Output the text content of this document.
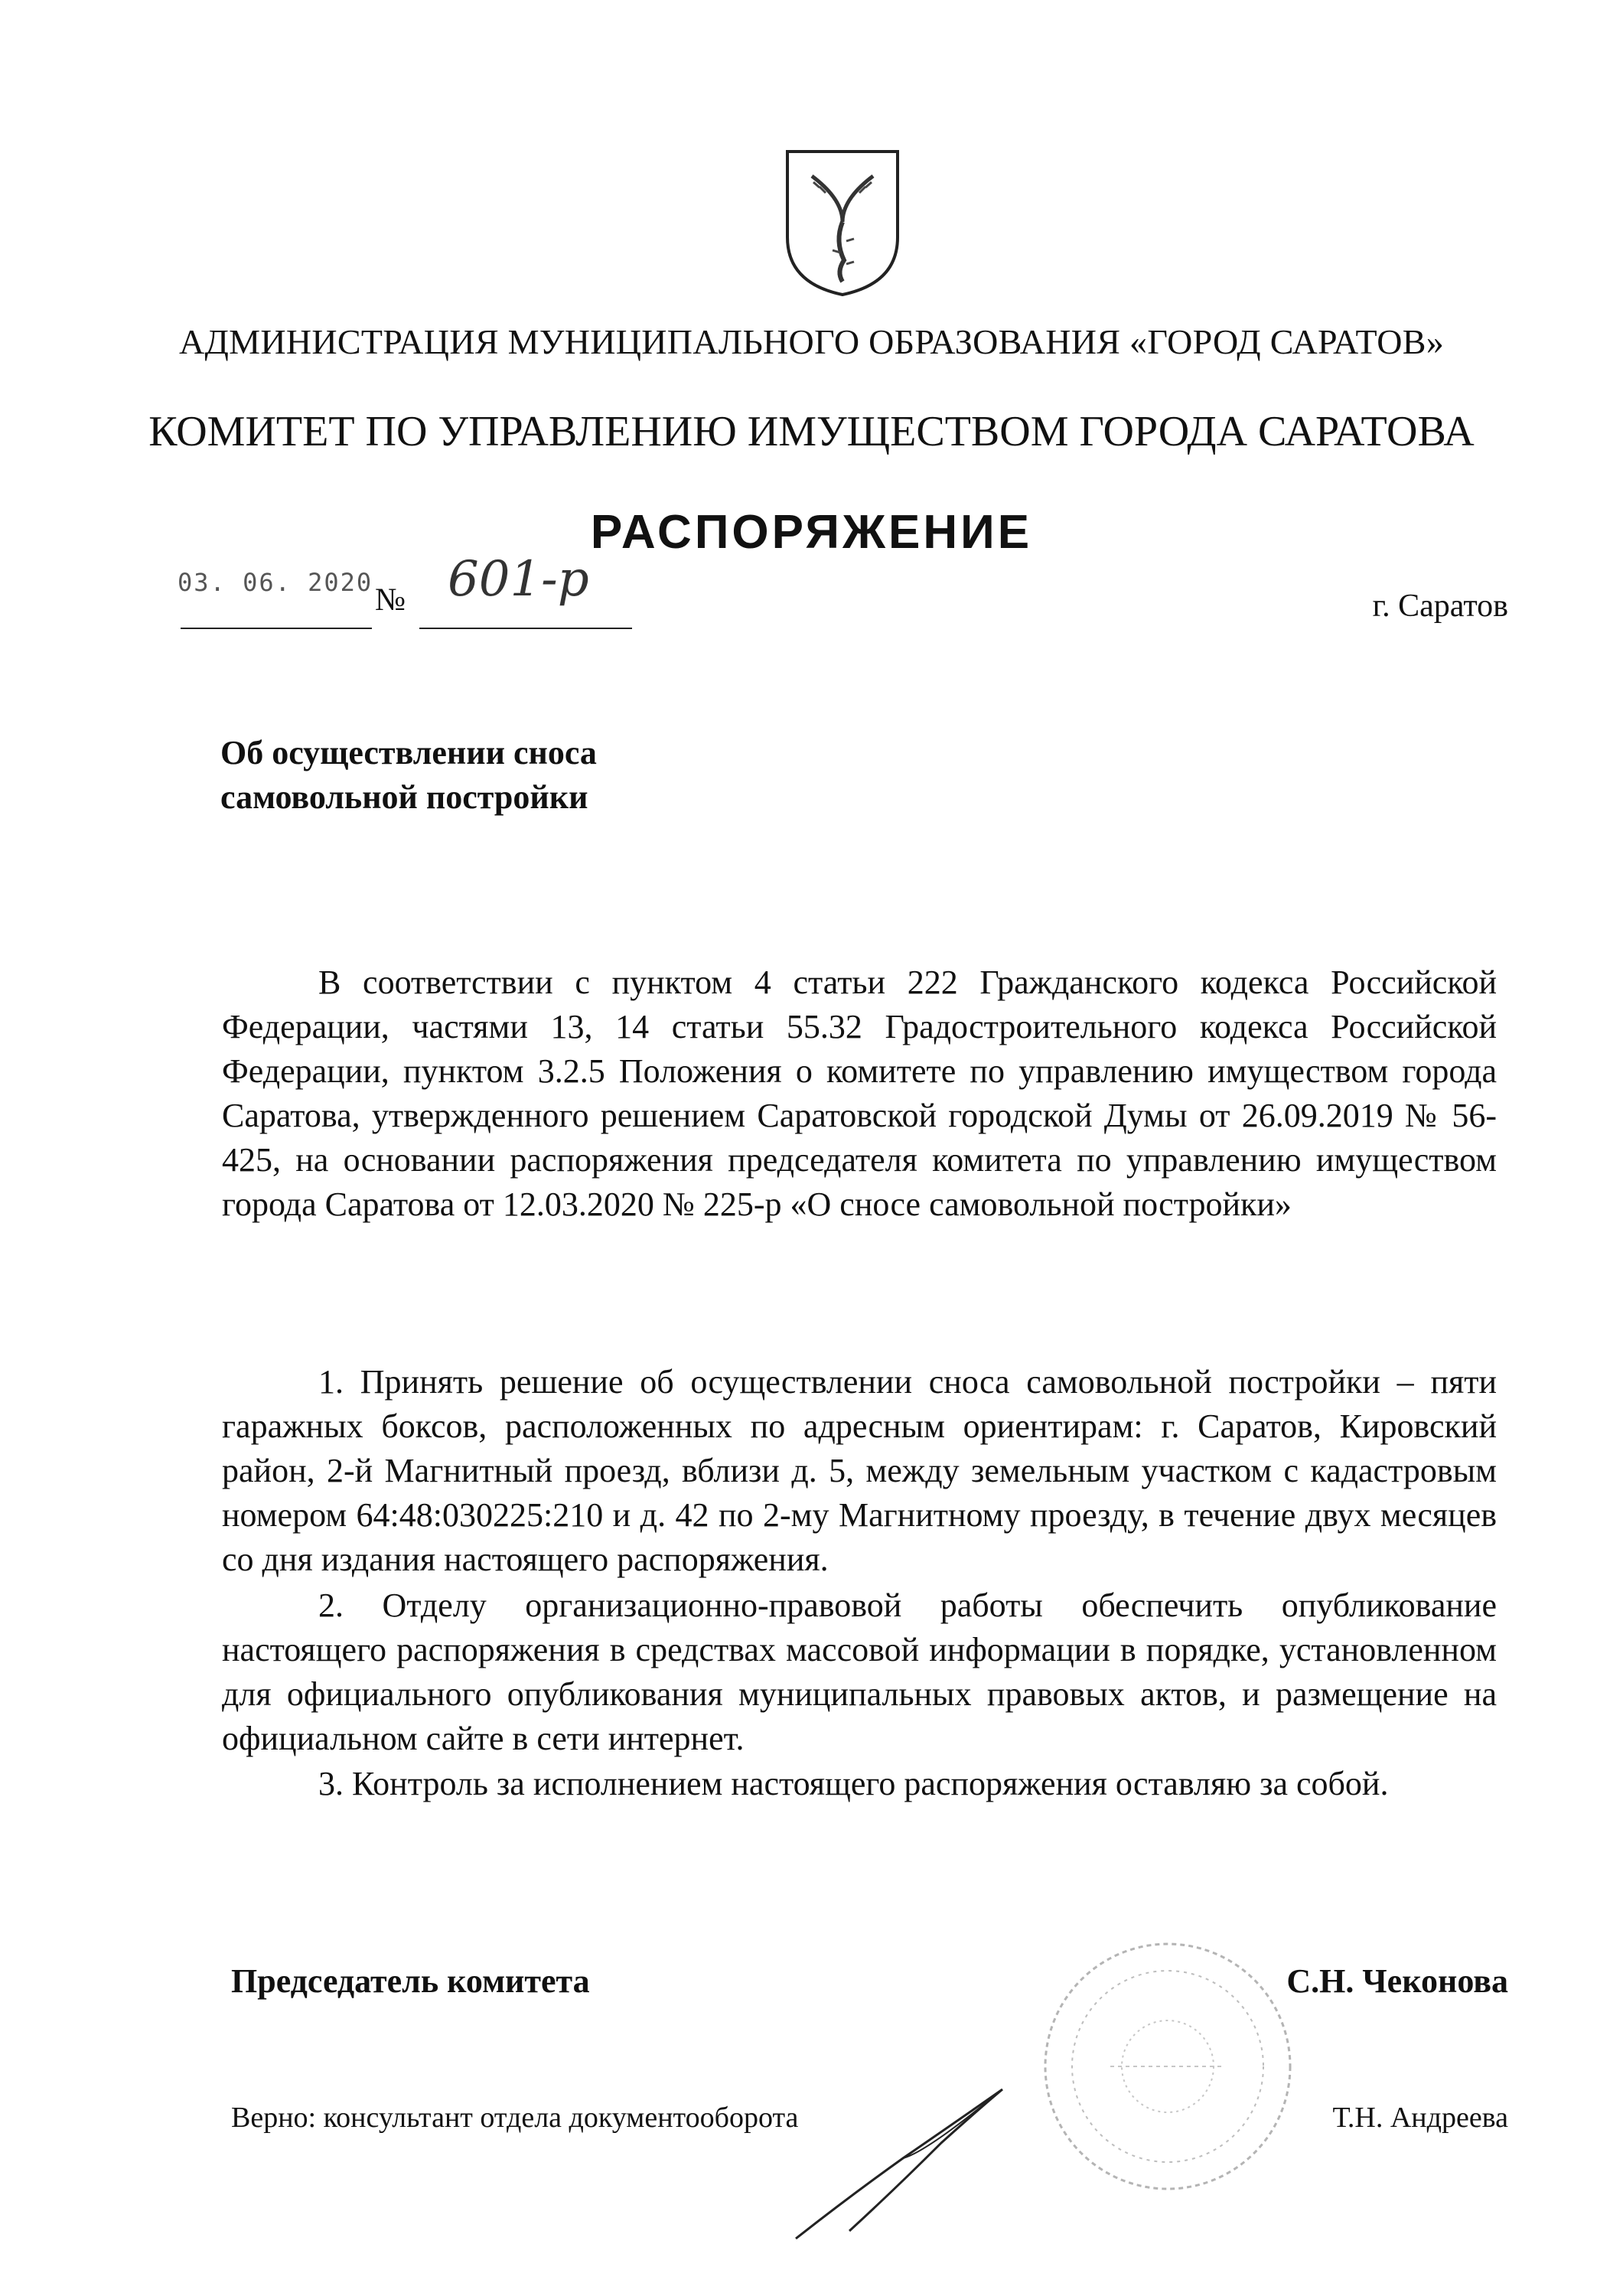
АДМИНИСТРАЦИЯ МУНИЦИПАЛЬНОГО ОБРАЗОВАНИЯ «ГОРОД САРАТОВ»
КОМИТЕТ ПО УПРАВЛЕНИЮ ИМУЩЕСТВОМ ГОРОДА САРАТОВА
РАСПОРЯЖЕНИЕ
03. 06. 2020 № 601-р	г. Саратов
Об осуществлении сноса
самовольной постройки

В соответствии с пунктом 4 статьи 222 Гражданского кодекса Российской Федерации, частями 13, 14 статьи 55.32 Градостроительного кодекса Российской Федерации, пунктом 3.2.5 Положения о комитете по управлению имуществом города Саратова, утвержденного решением Саратовской городской Думы от 26.09.2019 № 56-425, на основании распоряжения председателя комитета по управлению имуществом города Саратова от 12.03.2020 № 225-р «О сносе самовольной постройки»

1. Принять решение об осуществлении сноса самовольной постройки – пяти гаражных боксов, расположенных по адресным ориентирам: г. Саратов, Кировский район, 2-й Магнитный проезд, вблизи д. 5, между земельным участком с кадастровым номером 64:48:030225:210 и д. 42 по 2-му Магнитному проезду, в течение двух месяцев со дня издания настоящего распоряжения.

2. Отделу организационно-правовой работы обеспечить опубликование настоящего распоряжения в средствах массовой информации в порядке, установленном для официального опубликования муниципальных правовых актов, и размещение на официальном сайте в сети интернет.

3. Контроль за исполнением настоящего распоряжения оставляю за собой.

Председатель комитета	С.Н. Чеконова
Верно: консультант отдела документооборота	Т.Н. Андреева
